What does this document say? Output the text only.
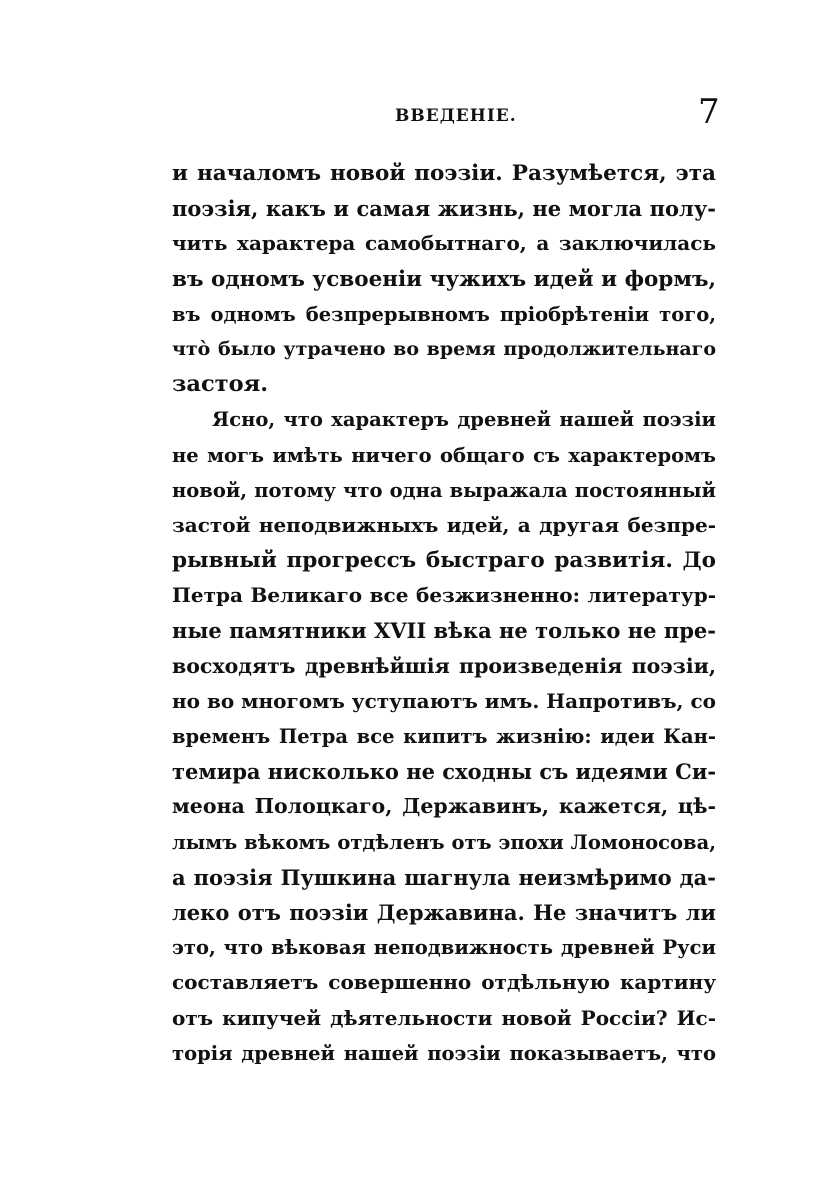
ВВЕДЕНІЕ.	7
и началомъ новой поэзіи. Разумѣется, эта
поэзія, какъ и самая жизнь, не могла полу-
чить характера самобытнаго, а заключилась
въ одномъ усвоеніи чужихъ идей и формъ,
въ одномъ безпрерывномъ пріобрѣтеніи того,
что̀ было утрачено во время продолжительнаго
застоя.
Ясно, что характеръ древней нашей поэзіи
не могъ имѣть ничего общаго съ характеромъ
новой, потому что одна выражала постоянный
застой неподвижныхъ идей, а другая безпре-
рывный прогрессъ быстраго развитія. До
Петра Великаго все безжизненно: литератур-
ные памятники XVII вѣка не только не пре-
восходятъ древнѣйшія произведенія поэзіи,
но во многомъ уступаютъ имъ. Напротивъ, со
временъ Петра все кипитъ жизнію: идеи Кан-
темира нисколько не сходны съ идеями Си-
меона Полоцкаго, Державинъ, кажется, цѣ-
лымъ вѣкомъ отдѣленъ отъ эпохи Ломоносова,
а поэзія Пушкина шагнула неизмѣримо да-
леко отъ поэзіи Державина. Не значитъ ли
это, что вѣковая неподвижность древней Руси
составляетъ совершенно отдѣльную картину
отъ кипучей дѣятельности новой Россіи? Ис-
торія древней нашей поэзіи показываетъ, что
